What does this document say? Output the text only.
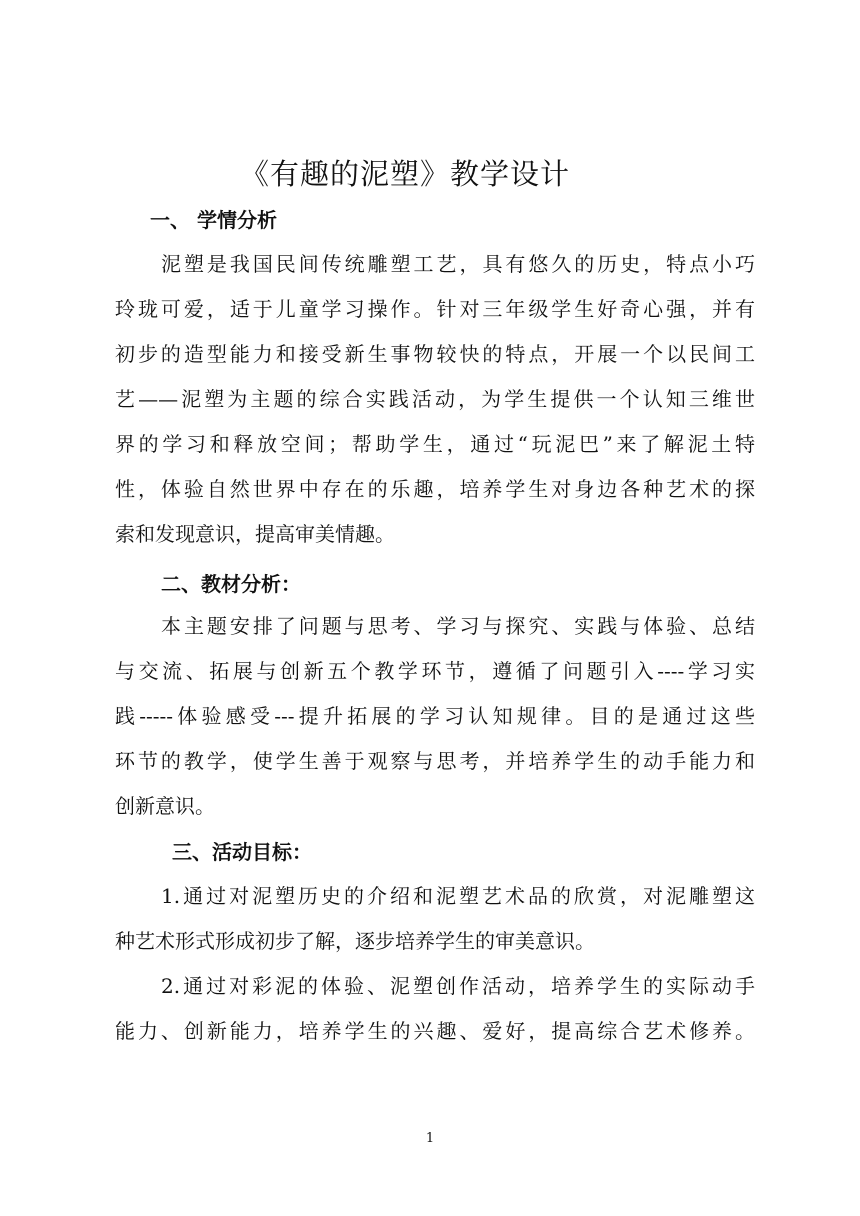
《有趣的泥塑》教学设计
一、 学情分析
泥塑是我国民间传统雕塑工艺，具有悠久的历史，特点小巧
玲珑可爱，适于儿童学习操作。针对三年级学生好奇心强，并有
初步的造型能力和接受新生事物较快的特点，开展一个以民间工
艺——泥塑为主题的综合实践活动，为学生提供一个认知三维世
界的学习和释放空间；帮助学生，通过“玩泥巴”来了解泥土特
性，体验自然世界中存在的乐趣，培养学生对身边各种艺术的探
索和发现意识，提高审美情趣。
二、教材分析：
本主题安排了问题与思考、学习与探究、实践与体验、总结
与交流、拓展与创新五个教学环节，遵循了问题引入----学习实
践-----体验感受---提升拓展的学习认知规律。目的是通过这些
环节的教学，使学生善于观察与思考，并培养学生的动手能力和
创新意识。
三、活动目标：
1.通过对泥塑历史的介绍和泥塑艺术品的欣赏，对泥雕塑这
种艺术形式形成初步了解，逐步培养学生的审美意识。
2.通过对彩泥的体验、泥塑创作活动，培养学生的实际动手
能力、创新能力，培养学生的兴趣、爱好，提高综合艺术修养。
1
